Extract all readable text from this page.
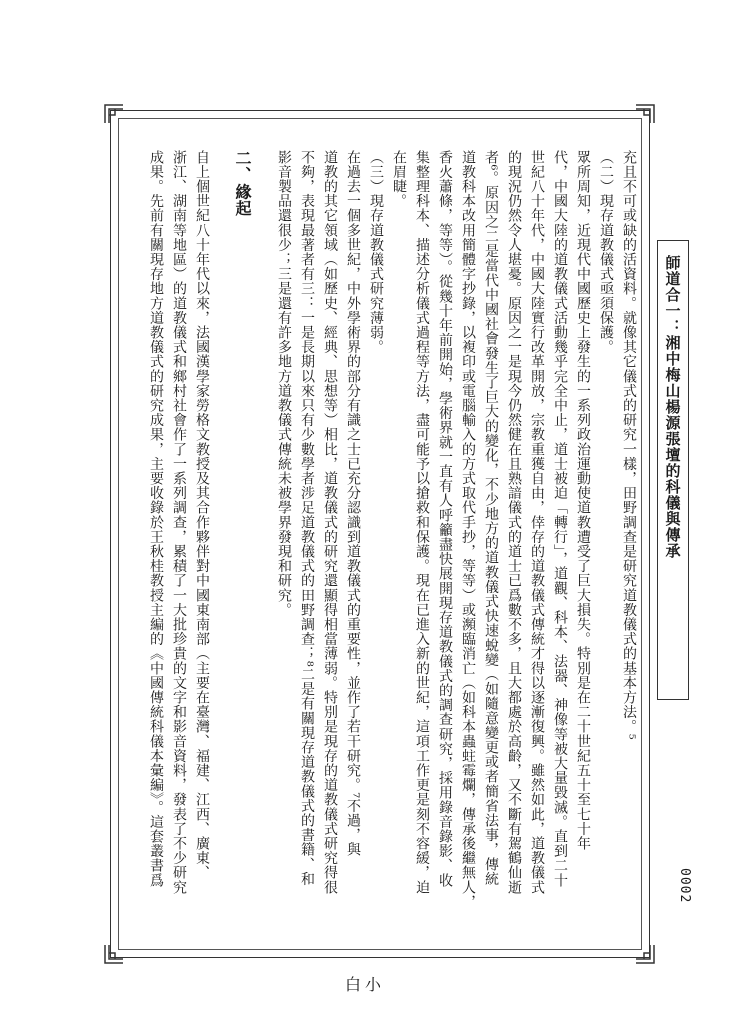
充且不可或缺的活資料。就像其它儀式的研究一樣，田野調查是研究道教儀式的基本方法。⁵
（二）現存道教儀式亟須保護。
眾所周知，近現代中國歷史上發生的一系列政治運動使道教遭受了巨大損失。特別是在二十世紀五十至七十年
代，中國大陸的道教儀式活動幾乎完全中止，道士被迫「轉行」，道觀、科本、法器、神像等被大量毀滅。直到二十
世紀八十年代，中國大陸實行改革開放，宗教重獲自由，倖存的道教儀式傳統才得以逐漸復興。雖然如此，道教儀式
的現況仍然令人堪憂。原因之一是現今仍然健在且熟諳儀式的道士已爲數不多，且大都處於高齡，又不斷有駕鶴仙逝
者⁶。原因之二是當代中國社會發生了巨大的變化，不少地方的道教儀式快速蛻變（如隨意變更或者簡省法事，傳統
道教科本改用簡體字抄錄，以複印或電腦輸入的方式取代手抄，等等）或瀕臨消亡（如科本蟲蛀霉爛，傳承後繼無人，
香火蕭條，等等）。從幾十年前開始，學術界就一直有人呼籲盡快展開現存道教儀式的調查研究，採用錄音錄影、收
集整理科本、描述分析儀式過程等方法，盡可能予以搶救和保護。現在已進入新的世紀，這項工作更是刻不容緩，迫
在眉睫。
（三）現存道教儀式研究薄弱。
在過去一個多世紀，中外學術界的部分有識之士已充分認識到道教儀式的重要性，並作了若干研究。⁷不過，與
道教的其它領域（如歷史、經典、思想等）相比，道教儀式的研究還顯得相當薄弱。特別是現存的道教儀式研究得很
不夠，表現最著者有三：一是長期以來只有少數學者涉足道教儀式的田野調查；⁸二是有關現存道教儀式的書籍、和
影音製品還很少；三是還有許多地方道教儀式傳統未被學界發現和研究。
二、緣起
自上個世紀八十年代以來，法國漢學家勞格文教授及其合作夥伴對中國東南部（主要在臺灣、福建、江西、廣東、
浙江、湖南等地區）的道教儀式和鄉村社會作了一系列調查，累積了一大批珍貴的文字和影音資料，發表了不少研究
成果。先前有關現存地方道教儀式的研究成果，主要收錄於王秋桂教授主編的《中國傳統科儀本彙編》。這套叢書爲	師道合一：湘中梅山楊源張壇的科儀與傳承
0002
白小
